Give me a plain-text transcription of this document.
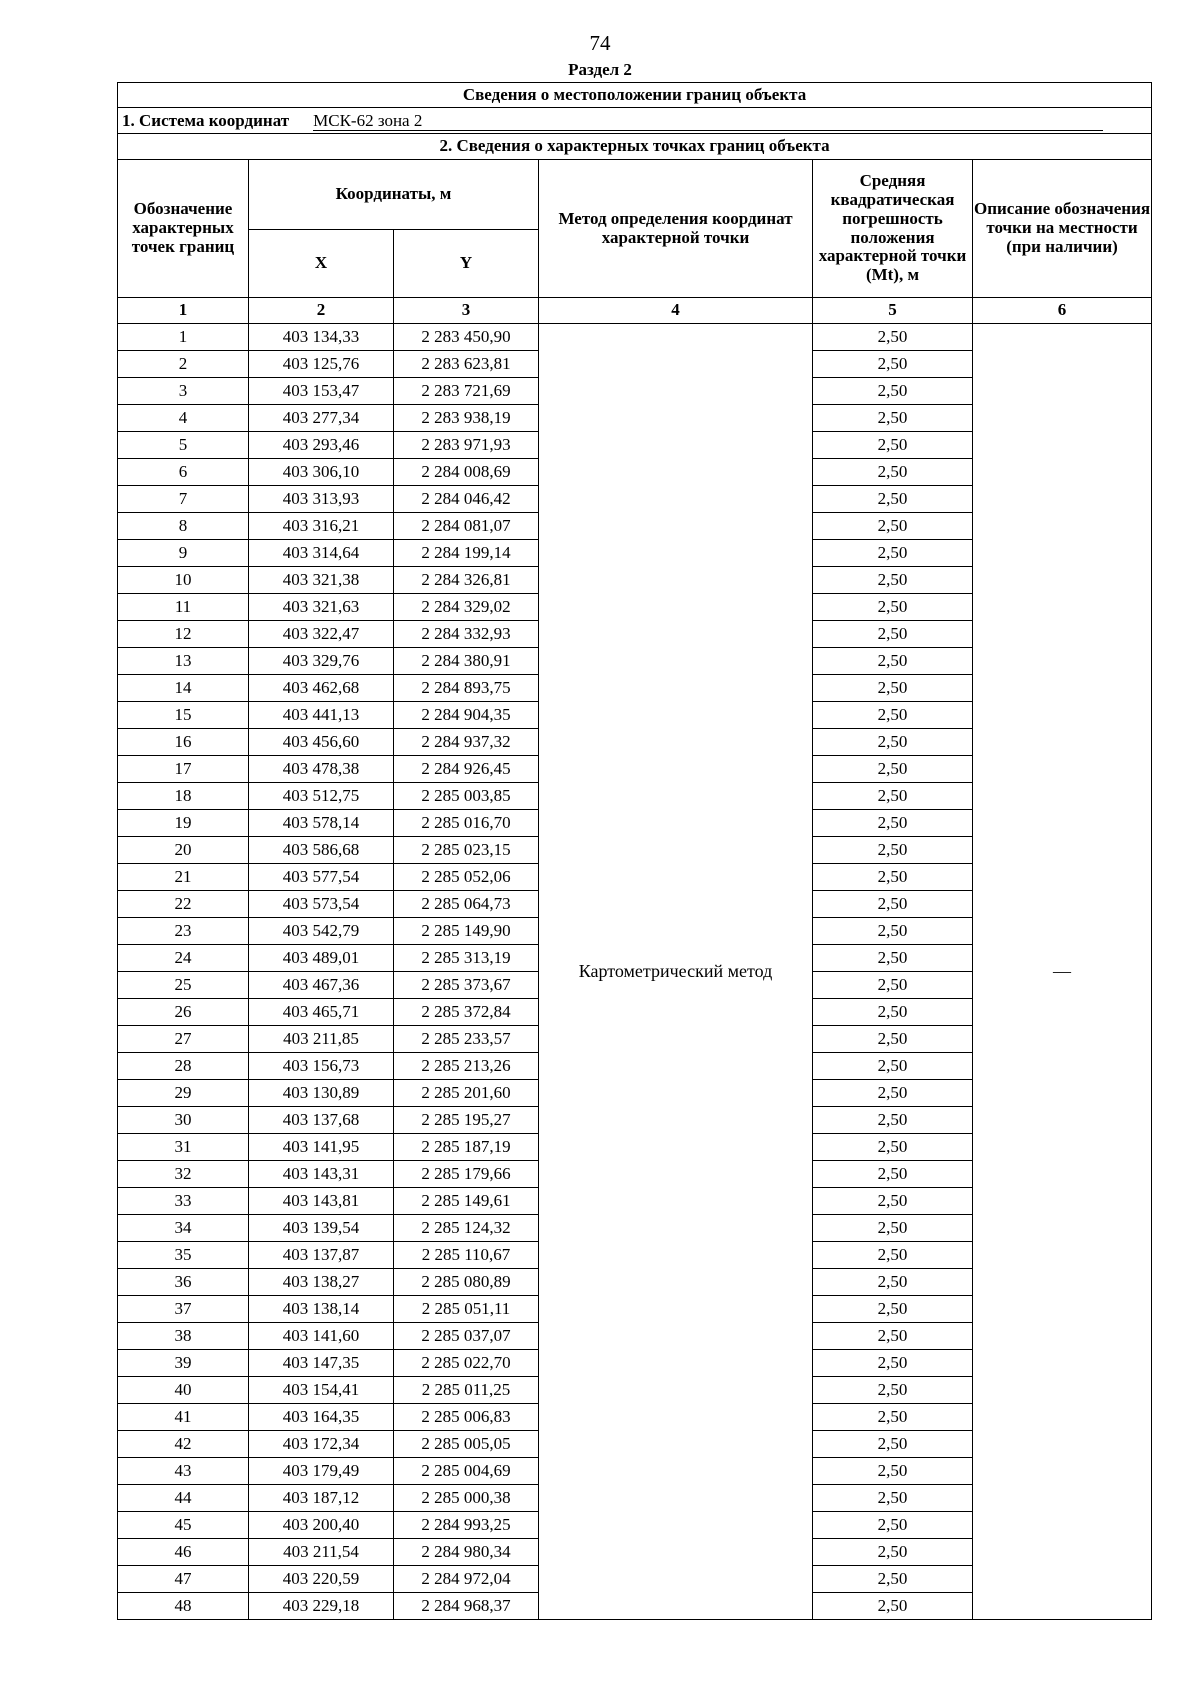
74
Раздел 2
Сведения о местоположении границ объекта					
1. Система координат МСК-62 зона 2					
2. Сведения о характерных точках границ объекта					
Обозначение характерных точек границ	Координаты, м		Метод определения координат характерной точки	Средняя квадратическая погрешность положения характерной точки (Mt), м	Описание обозначения точки на местности (при наличии)
	X	Y			
1	2	3	4	5	6
1	403 134,33	2 283 450,90	Картометрический метод	2,50	—
2	403 125,76	2 283 623,81		2,50	
3	403 153,47	2 283 721,69		2,50	
4	403 277,34	2 283 938,19		2,50	
5	403 293,46	2 283 971,93		2,50	
6	403 306,10	2 284 008,69		2,50	
7	403 313,93	2 284 046,42		2,50	
8	403 316,21	2 284 081,07		2,50	
9	403 314,64	2 284 199,14		2,50	
10	403 321,38	2 284 326,81		2,50	
11	403 321,63	2 284 329,02		2,50	
12	403 322,47	2 284 332,93		2,50	
13	403 329,76	2 284 380,91		2,50	
14	403 462,68	2 284 893,75		2,50	
15	403 441,13	2 284 904,35		2,50	
16	403 456,60	2 284 937,32		2,50	
17	403 478,38	2 284 926,45		2,50	
18	403 512,75	2 285 003,85		2,50	
19	403 578,14	2 285 016,70		2,50	
20	403 586,68	2 285 023,15		2,50	
21	403 577,54	2 285 052,06		2,50	
22	403 573,54	2 285 064,73		2,50	
23	403 542,79	2 285 149,90		2,50	
24	403 489,01	2 285 313,19		2,50	
25	403 467,36	2 285 373,67		2,50	
26	403 465,71	2 285 372,84		2,50	
27	403 211,85	2 285 233,57		2,50	
28	403 156,73	2 285 213,26		2,50	
29	403 130,89	2 285 201,60		2,50	
30	403 137,68	2 285 195,27		2,50	
31	403 141,95	2 285 187,19		2,50	
32	403 143,31	2 285 179,66		2,50	
33	403 143,81	2 285 149,61		2,50	
34	403 139,54	2 285 124,32		2,50	
35	403 137,87	2 285 110,67		2,50	
36	403 138,27	2 285 080,89		2,50	
37	403 138,14	2 285 051,11		2,50	
38	403 141,60	2 285 037,07		2,50	
39	403 147,35	2 285 022,70		2,50	
40	403 154,41	2 285 011,25		2,50	
41	403 164,35	2 285 006,83		2,50	
42	403 172,34	2 285 005,05		2,50	
43	403 179,49	2 285 004,69		2,50	
44	403 187,12	2 285 000,38		2,50	
45	403 200,40	2 284 993,25		2,50	
46	403 211,54	2 284 980,34		2,50	
47	403 220,59	2 284 972,04		2,50	
48	403 229,18	2 284 968,37		2,50	
